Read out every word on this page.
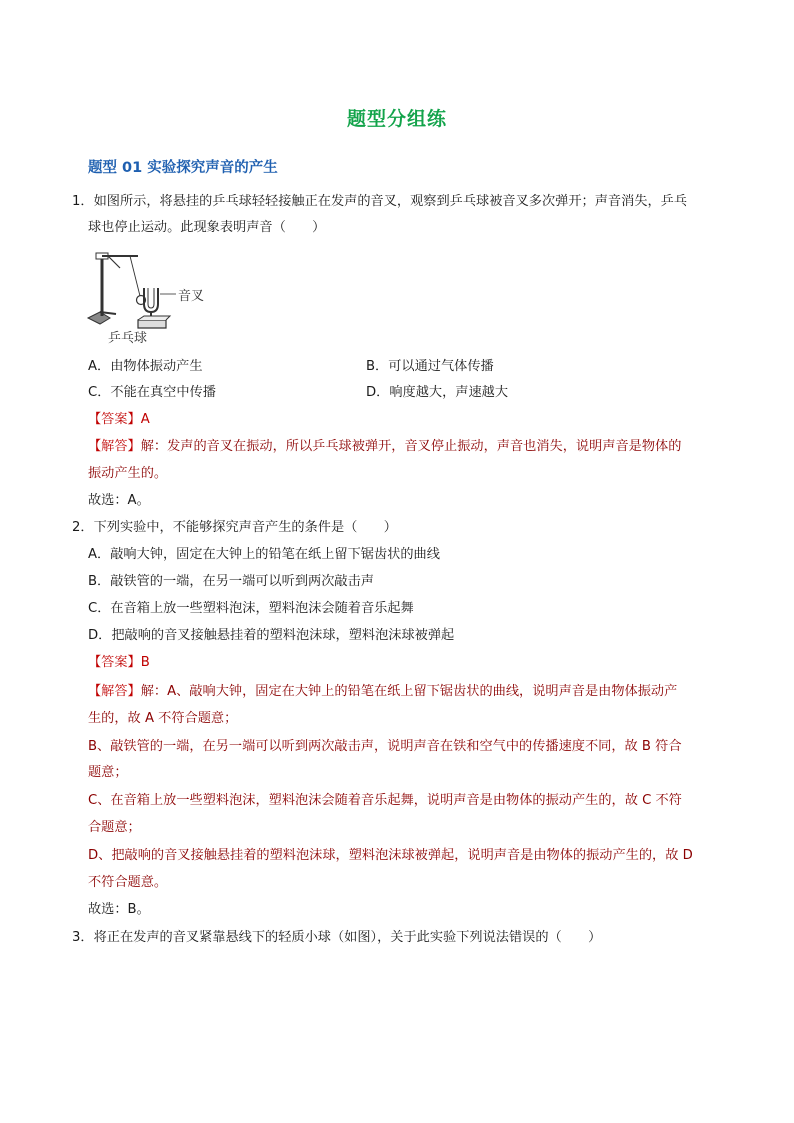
题型分组练
题型 01 实验探究声音的产生
1．如图所示，将悬挂的乒乓球轻轻接触正在发声的音叉，观察到乒乓球被音叉多次弹开；声音消失，乒乓
球也停止运动。此现象表明声音（　　）
音叉
乒乓球
A．由物体振动产生	B．可以通过气体传播
C．不能在真空中传播	D．响度越大，声速越大
【答案】A
【解答】解：发声的音叉在振动，所以乒乓球被弹开，音叉停止振动，声音也消失，说明声音是物体的
振动产生的。
故选：A。
2．下列实验中，不能够探究声音产生的条件是（　　）
A．敲响大钟，固定在大钟上的铅笔在纸上留下锯齿状的曲线
B．敲铁管的一端，在另一端可以听到两次敲击声
C．在音箱上放一些塑料泡沫，塑料泡沫会随着音乐起舞
D．把敲响的音叉接触悬挂着的塑料泡沫球，塑料泡沫球被弹起
【答案】B
【解答】解：A、敲响大钟，固定在大钟上的铅笔在纸上留下锯齿状的曲线，说明声音是由物体振动产
生的，故 A 不符合题意；
B、敲铁管的一端，在另一端可以听到两次敲击声，说明声音在铁和空气中的传播速度不同，故 B 符合
题意；
C、在音箱上放一些塑料泡沫，塑料泡沫会随着音乐起舞，说明声音是由物体的振动产生的，故 C 不符
合题意；
D、把敲响的音叉接触悬挂着的塑料泡沫球，塑料泡沫球被弹起，说明声音是由物体的振动产生的，故 D
不符合题意。
故选：B。
3．将正在发声的音叉紧靠悬线下的轻质小球（如图），关于此实验下列说法错误的（　　）
